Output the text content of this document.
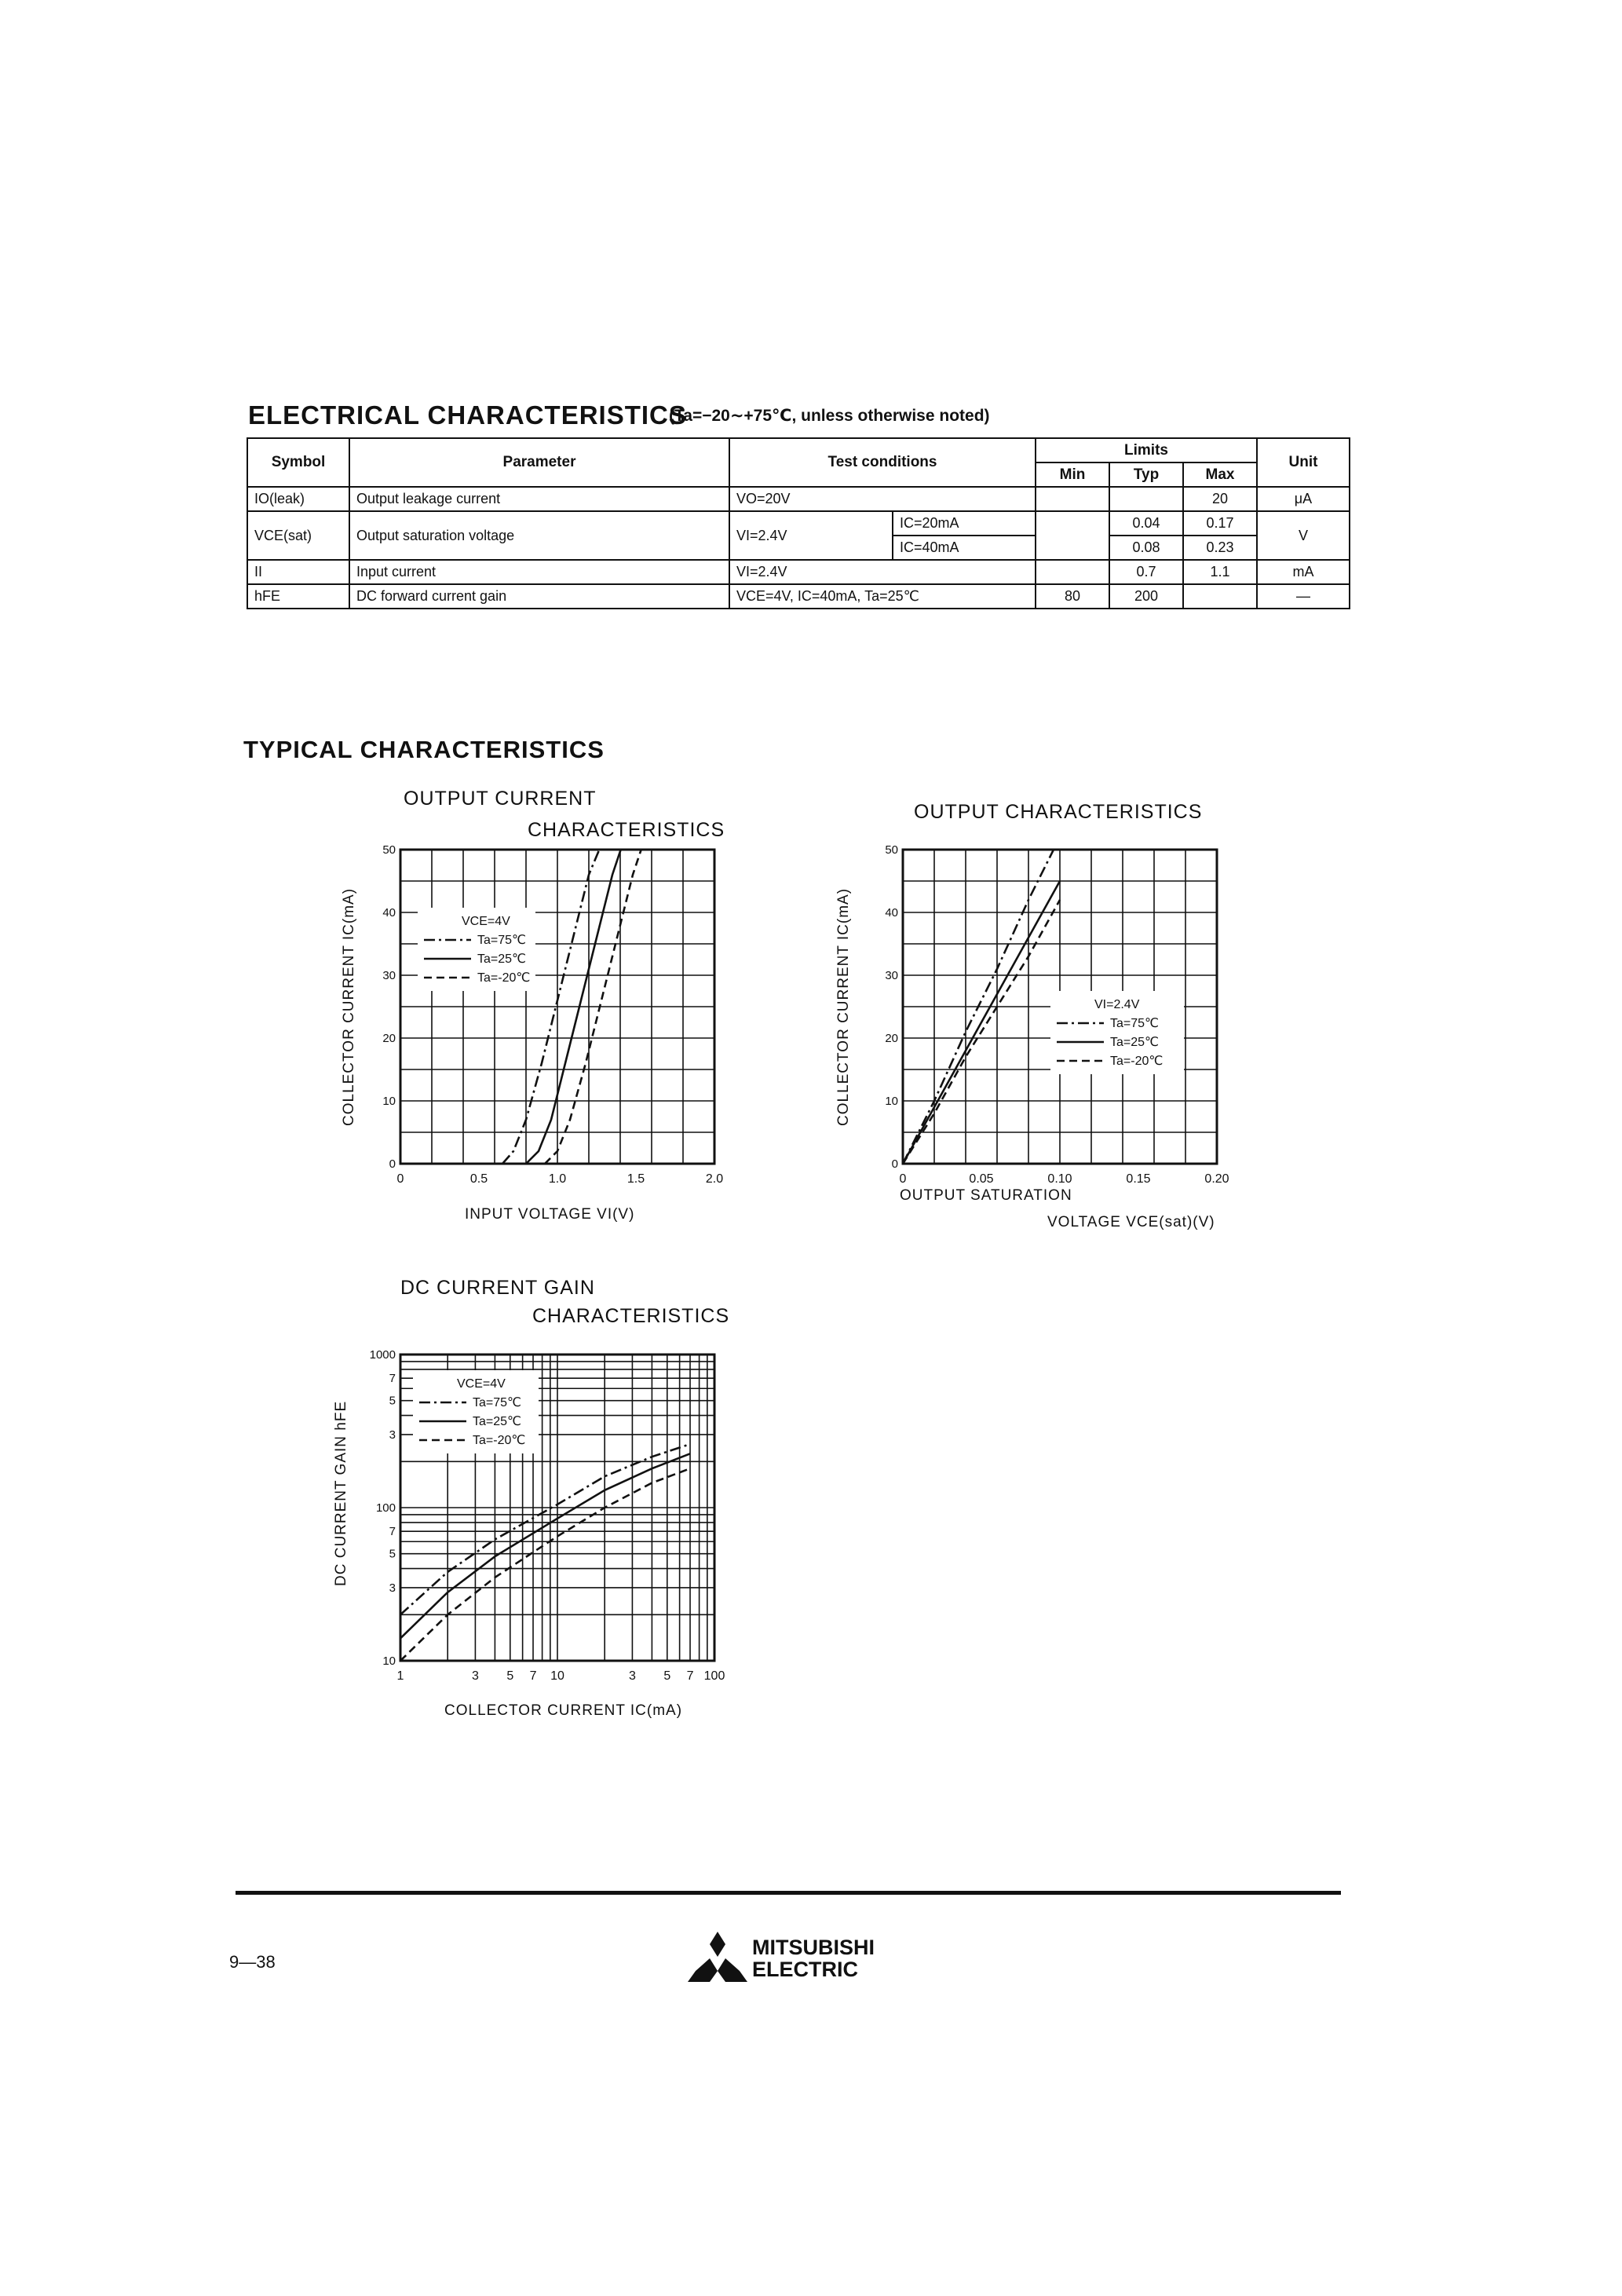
ELECTRICAL CHARACTERISTICS
(Ta=−20∼+75℃, unless otherwise noted)
Symbol	Parameter	Test conditions		Limits			Unit
				Min	Typ	Max	
IO(leak)	Output leakage current	VO=20V				20	μA
VCE(sat)	Output saturation voltage	VI=2.4V	IC=20mA		0.04	0.17	V
			IC=40mA		0.08	0.23	
II	Input current	VI=2.4V			0.7	1.1	mA
hFE	DC forward current gain	VCE=4V, IC=40mA, Ta=25℃		80	200		—
TYPICAL CHARACTERISTICS
OUTPUT CURRENT
CHARACTERISTICS
COLLECTOR CURRENT IC(mA)
0	0.5	1.0	1.5	2.0
0
10
20
30
40
50
VCE=4V
Ta=75℃
Ta=25℃
Ta=-20℃
INPUT VOLTAGE VI(V)
OUTPUT CHARACTERISTICS
COLLECTOR CURRENT IC(mA)
0	0.05	0.10	0.15	0.20
0
10
20
30
40
50
VI=2.4V
Ta=75℃
Ta=25℃
Ta=-20℃
OUTPUT SATURATION
VOLTAGE VCE(sat)(V)
DC CURRENT GAIN
CHARACTERISTICS
DC CURRENT GAIN hFE
1	3 5 7 10	3 5 7 100
10
3
5
7
100
3
5
7
1000
VCE=4V
Ta=75℃
Ta=25℃
Ta=-20℃
COLLECTOR CURRENT IC(mA)
9—38
MITSUBISHI
ELECTRIC
